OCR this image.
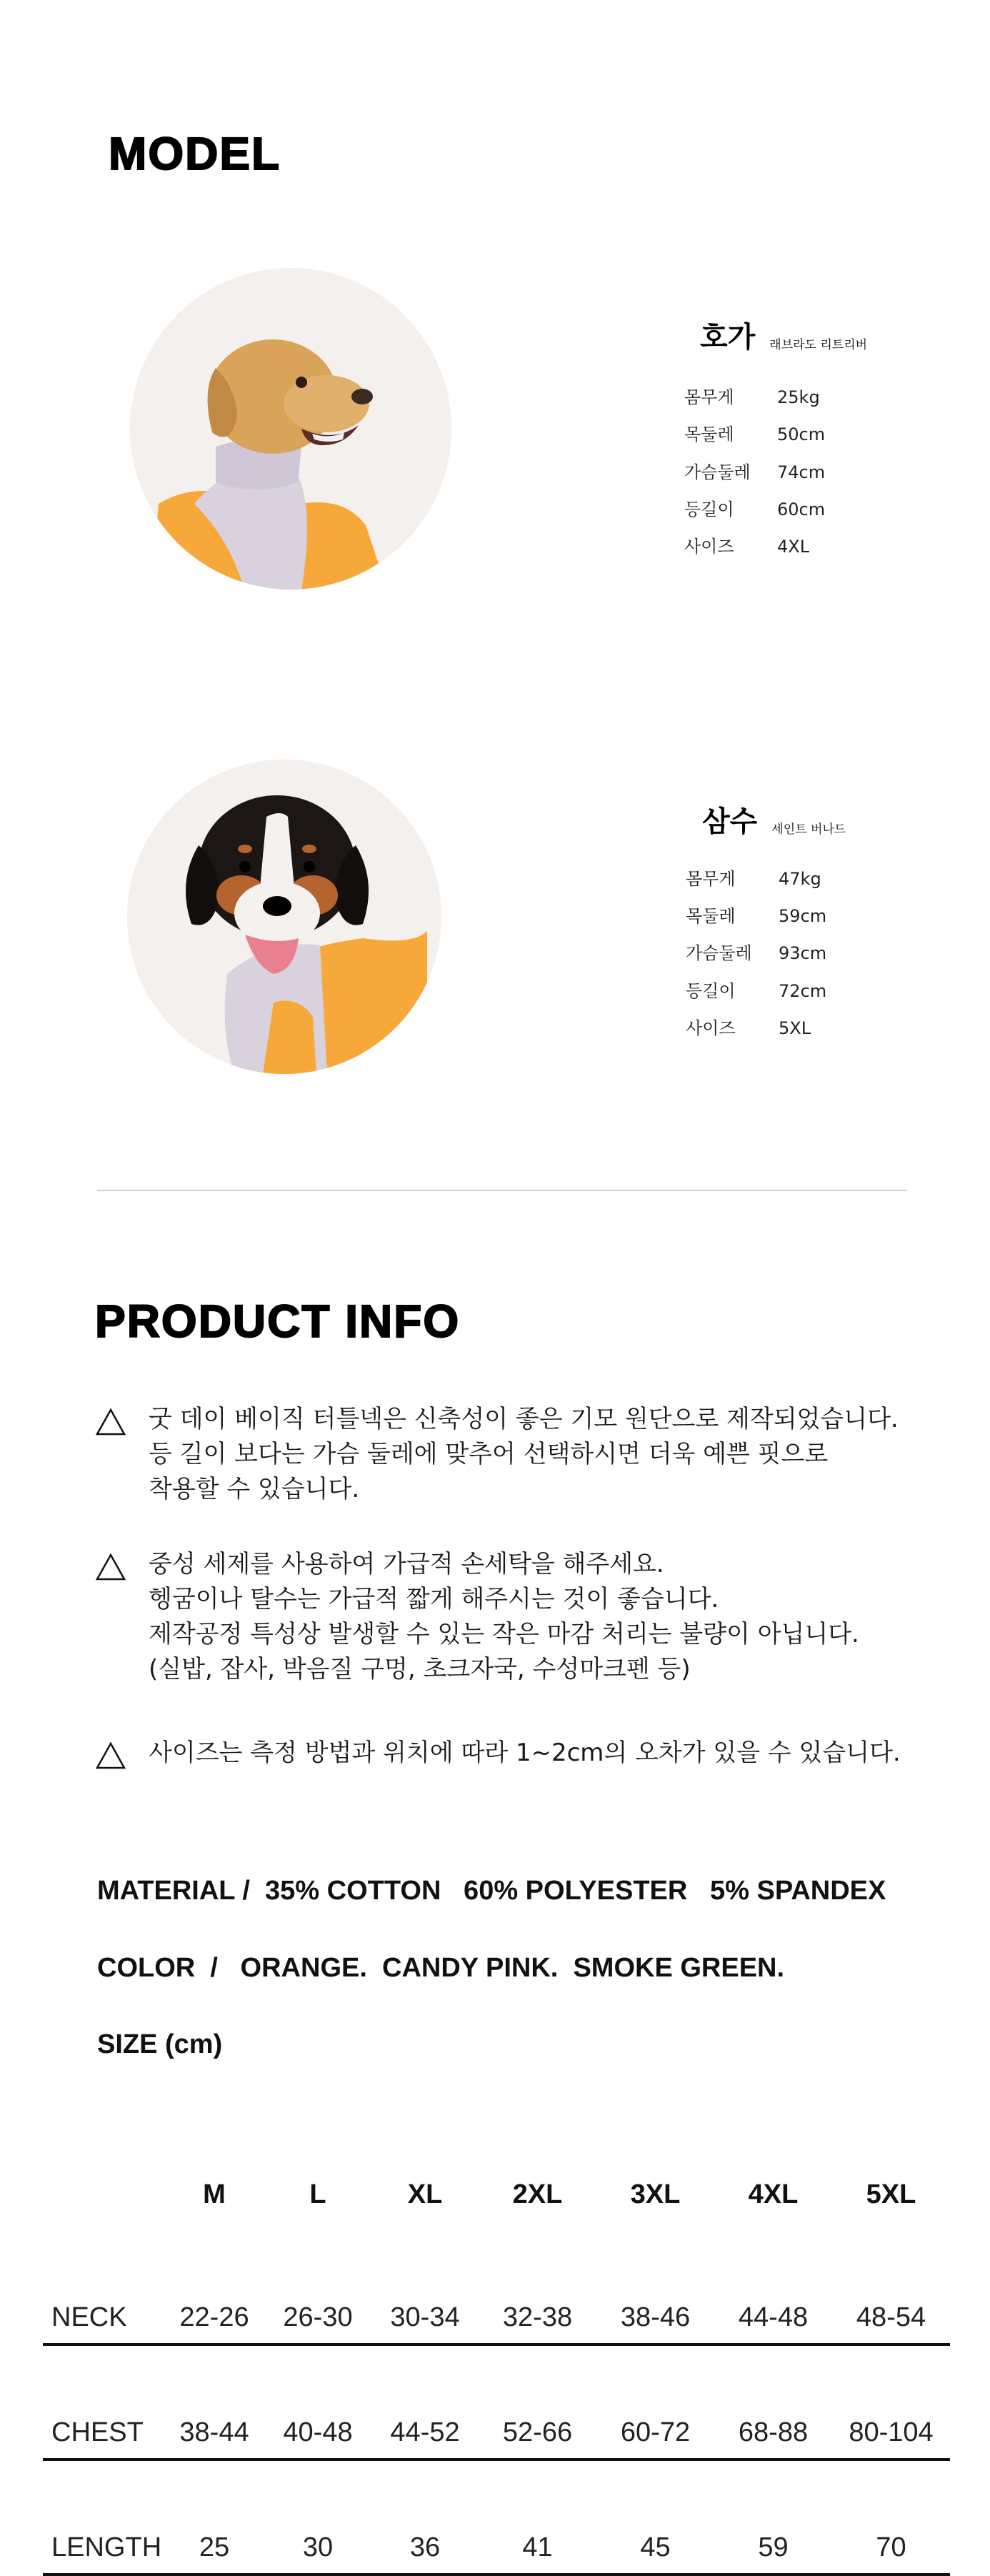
MODEL
호가 래브라도 리트리버
몸무게	25kg
목둘레	50cm
가슴둘레 74cm
등길이	60cm
사이즈	4XL
삼수 세인트 버나드
몸무게	47kg
목둘레	59cm
가슴둘레 93cm
등길이	72cm
사이즈	5XL
PRODUCT INFO
굿 데이 베이직 터틀넥은 신축성이 좋은 기모 원단으로 제작되었습니다.
등 길이 보다는 가슴 둘레에 맞추어 선택하시면 더욱 예쁜 핏으로
착용할 수 있습니다.
중성 세제를 사용하여 가급적 손세탁을 해주세요.
헹굼이나 탈수는 가급적 짧게 해주시는 것이 좋습니다.
제작공정 특성상 발생할 수 있는 작은 마감 처리는 불량이 아닙니다.
(실밥, 잡사, 박음질 구멍, 초크자국, 수성마크펜 등)
사이즈는 측정 방법과 위치에 따라 1~2cm의 오차가 있을 수 있습니다.
MATERIAL /  35% COTTON   60% POLYESTER   5% SPANDEX
COLOR  /   ORANGE.  CANDY PINK.  SMOKE GREEN.
SIZE (cm)
	M	L	XL	2XL	3XL	4XL	5XL
NECK	22-26	26-30	30-34	32-38	38-46	44-48	48-54
CHEST	38-44	40-48	44-52	52-66	60-72	68-88	80-104
LENGTH	25	30	36	41	45	59	70
